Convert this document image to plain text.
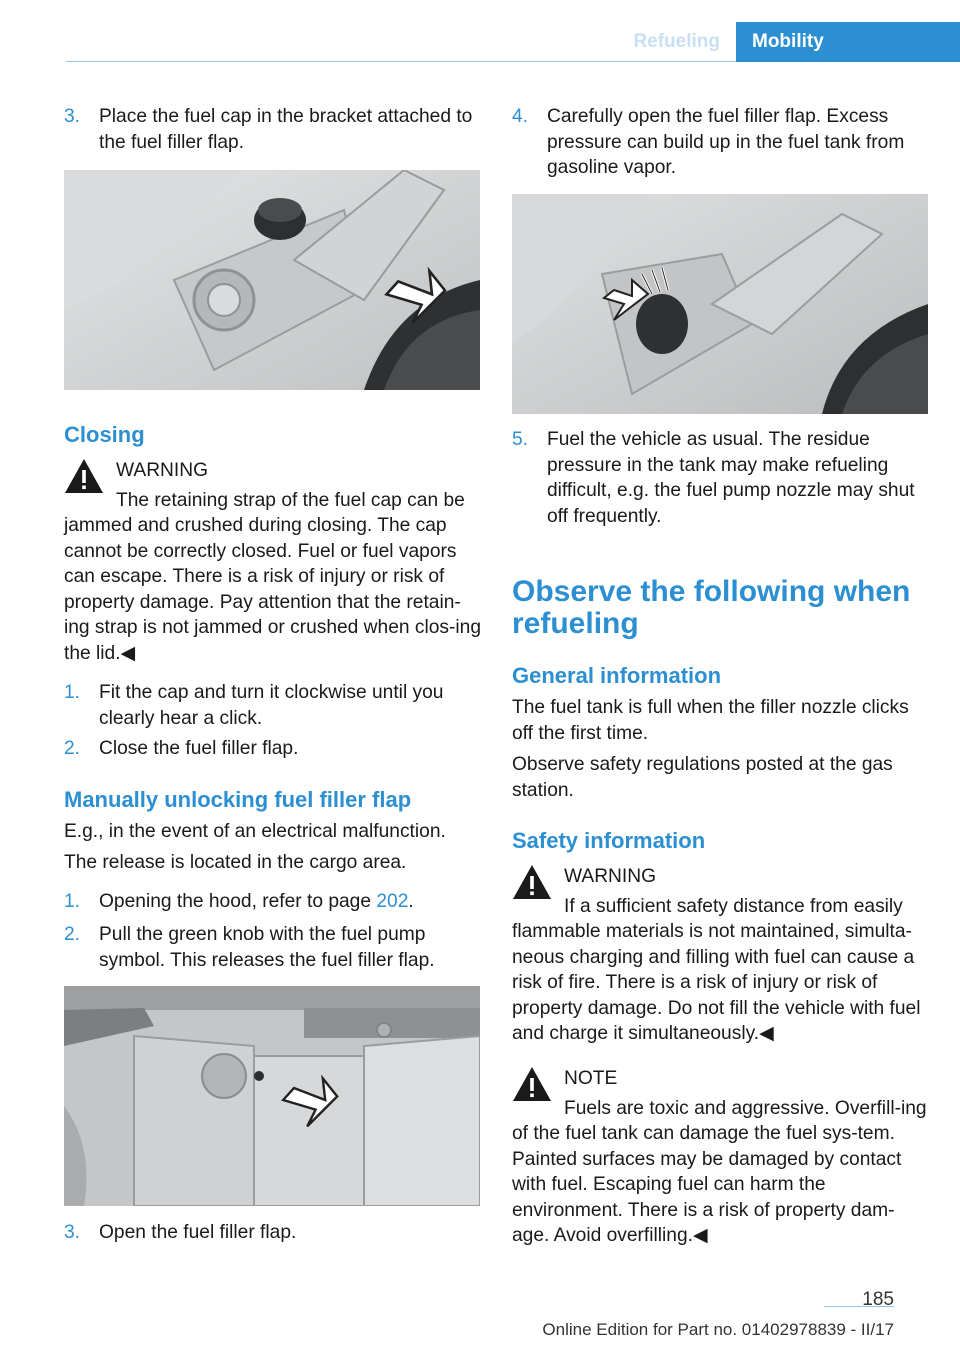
Refueling	Mobility
3. Place the fuel cap in the bracket attached to the fuel filler flap.
Closing
WARNING
The retaining strap of the fuel cap can be jammed and crushed during closing. The cap cannot be correctly closed. Fuel or fuel vapors can escape. There is a risk of injury or risk of property damage. Pay attention that the retain‐ing strap is not jammed or crushed when clos‐ing the lid.◀
1. Fit the cap and turn it clockwise until you clearly hear a click.
2. Close the fuel filler flap.
Manually unlocking fuel filler flap
E.g., in the event of an electrical malfunction.
The release is located in the cargo area.
1. Opening the hood, refer to page 202.
2. Pull the green knob with the fuel pump symbol. This releases the fuel filler flap.
3. Open the fuel filler flap.
4. Carefully open the fuel filler flap. Excess pressure can build up in the fuel tank from gasoline vapor.
5. Fuel the vehicle as usual. The residue pressure in the tank may make refueling difficult, e.g. the fuel pump nozzle may shut off frequently.
Observe the following when refueling
General information
The fuel tank is full when the filler nozzle clicks off the first time.
Observe safety regulations posted at the gas station.
Safety information
WARNING
If a sufficient safety distance from easily flammable materials is not maintained, simulta‐neous charging and filling with fuel can cause a risk of fire. There is a risk of injury or risk of property damage. Do not fill the vehicle with fuel and charge it simultaneously.◀
NOTE
Fuels are toxic and aggressive. Overfill‐ing of the fuel tank can damage the fuel sys‐tem. Painted surfaces may be damaged by contact with fuel. Escaping fuel can harm the environment. There is a risk of property dam‐age. Avoid overfilling.◀
185
Online Edition for Part no. 01402978839 - II/17
